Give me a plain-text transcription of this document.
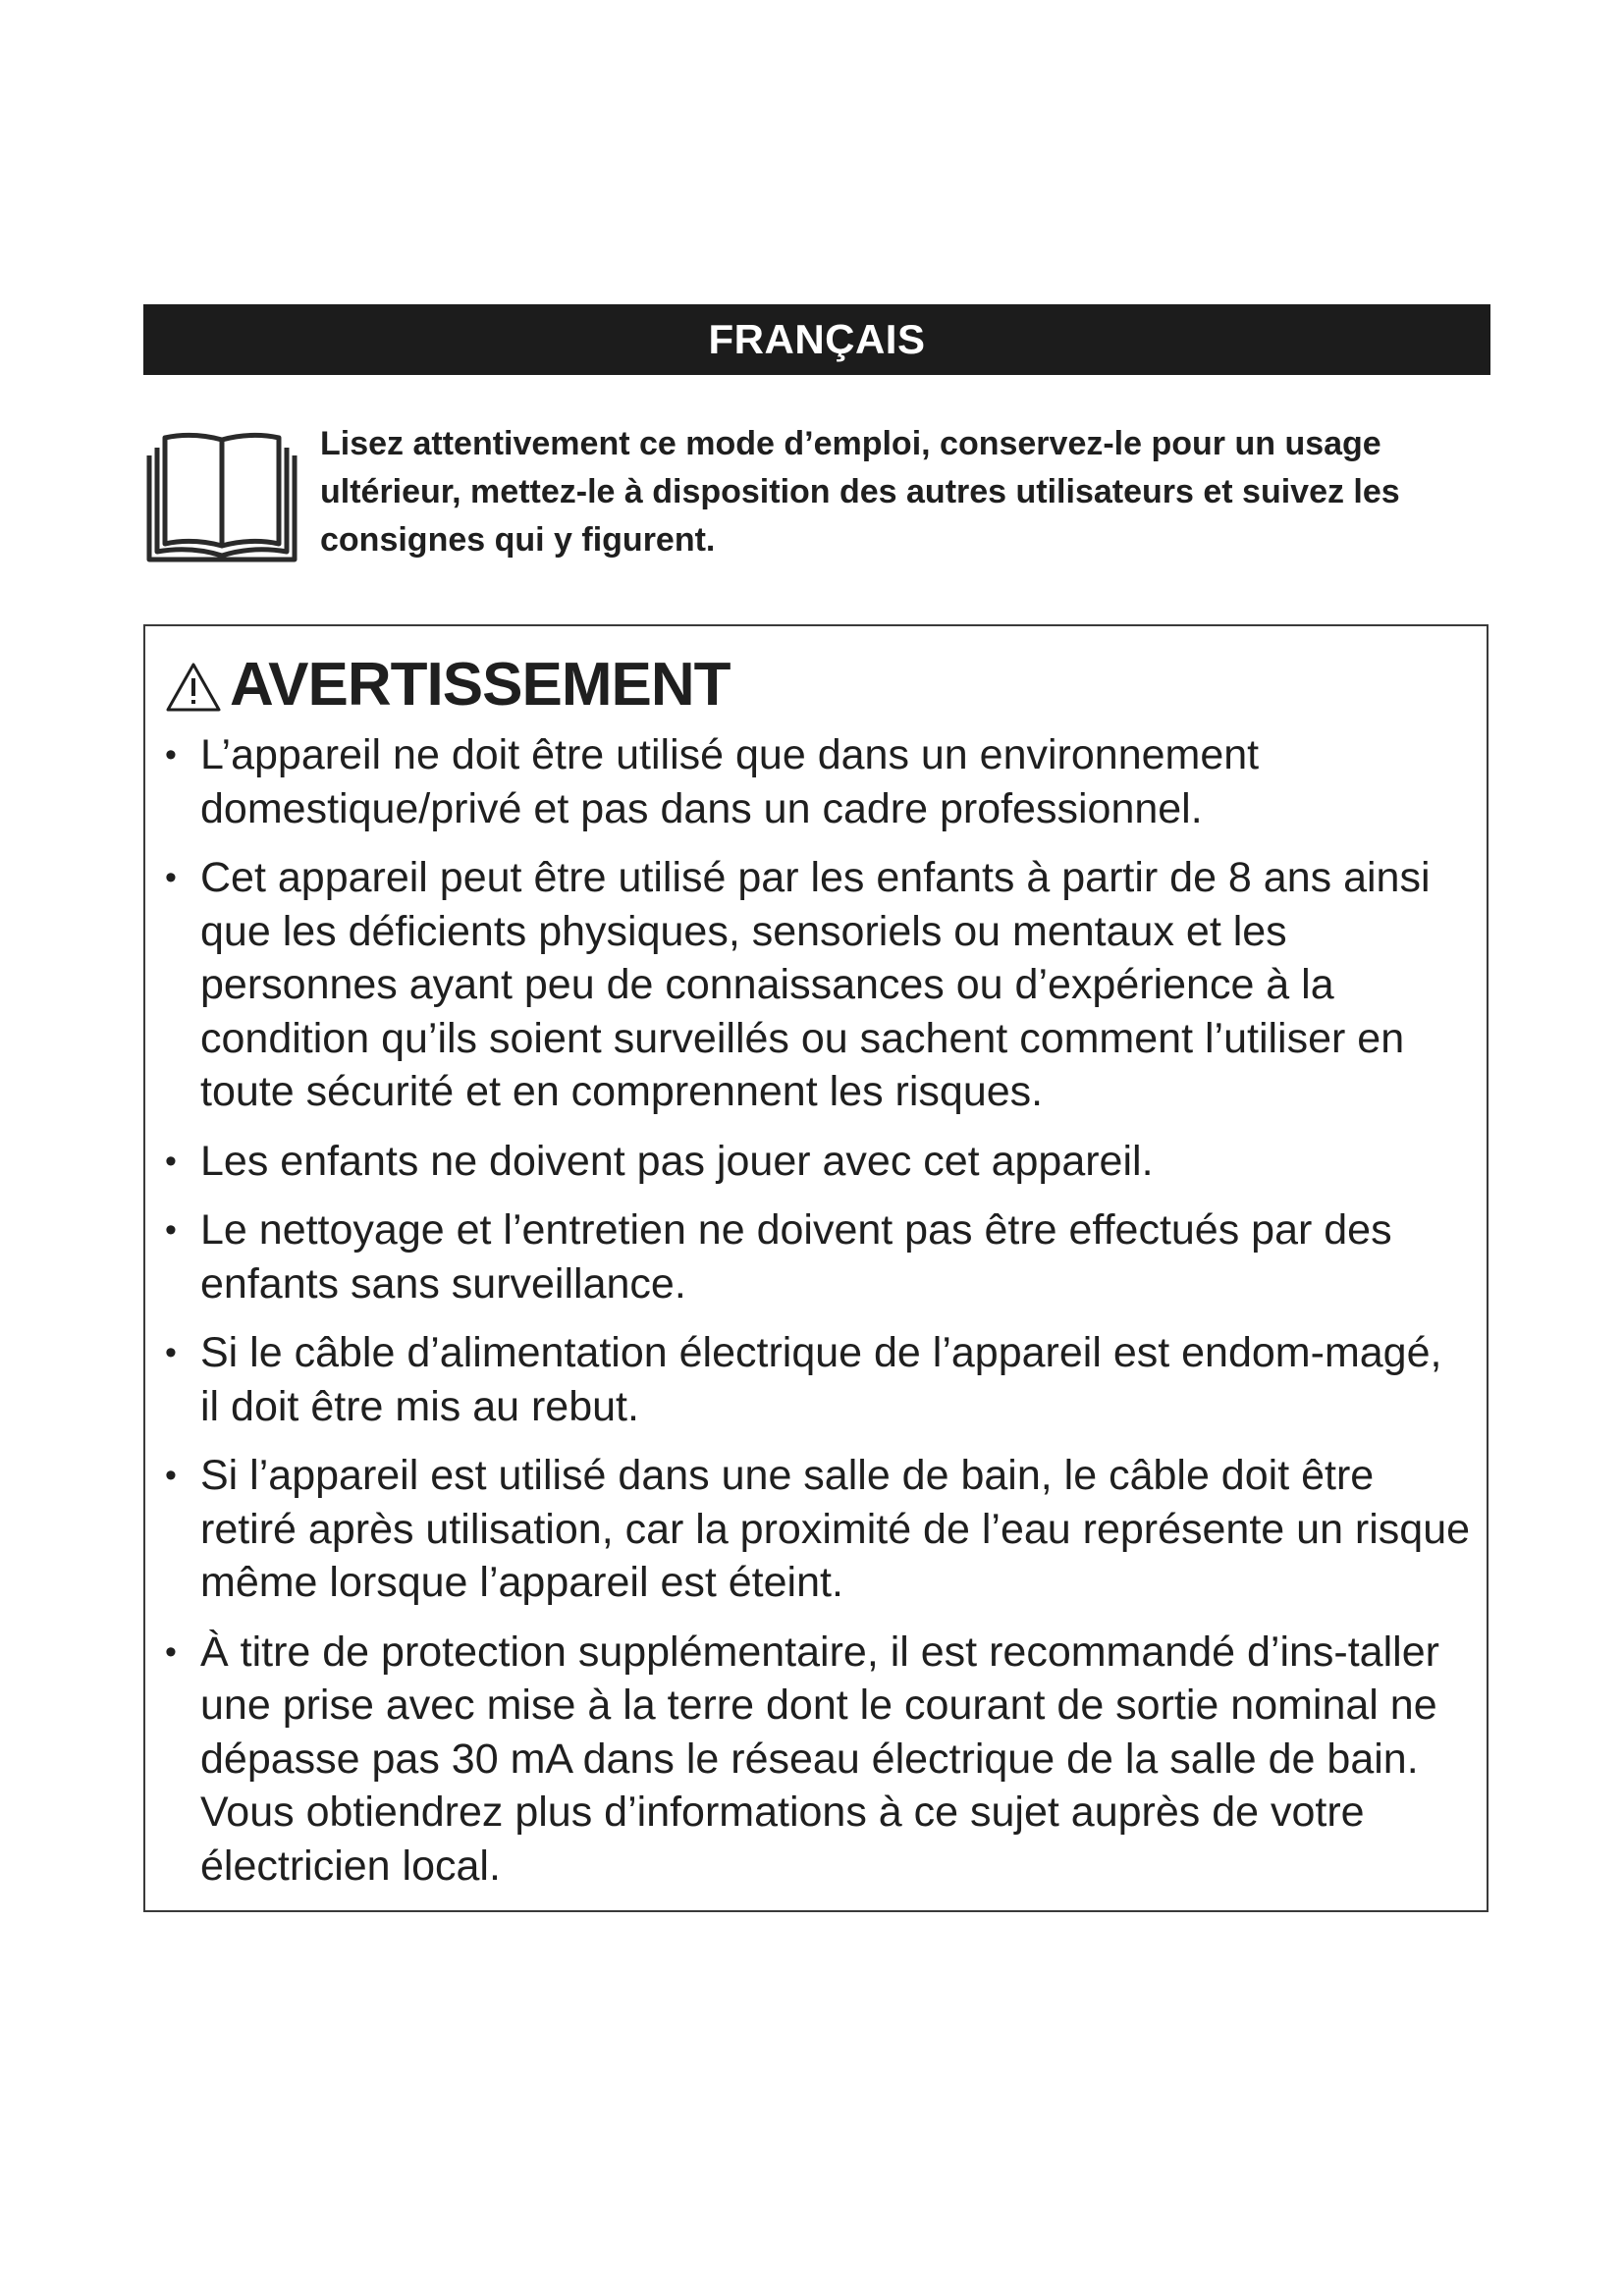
FRANÇAIS

Lisez attentivement ce mode d’emploi, conservez-le pour un usage ultérieur, mettez-le à disposition des autres utilisateurs et suivez les consignes qui y figurent.

AVERTISSEMENT
• L’appareil ne doit être utilisé que dans un environnement domestique/privé et pas dans un cadre professionnel.
• Cet appareil peut être utilisé par les enfants à partir de 8 ans ainsi que les déficients physiques, sensoriels ou mentaux et les personnes ayant peu de connaissances ou d’expérience à la condition qu’ils soient surveillés ou sachent comment l’utiliser en toute sécurité et en comprennent les risques.
• Les enfants ne doivent pas jouer avec cet appareil.
• Le nettoyage et l’entretien ne doivent pas être effectués par des enfants sans surveillance.
• Si le câble d’alimentation électrique de l’appareil est endom-magé, il doit être mis au rebut.
• Si l’appareil est utilisé dans une salle de bain, le câble doit être retiré après utilisation, car la proximité de l’eau représente un risque même lorsque l’appareil est éteint.
• À titre de protection supplémentaire, il est recommandé d’ins-taller une prise avec mise à la terre dont le courant de sortie nominal ne dépasse pas 30 mA dans le réseau électrique de la salle de bain. Vous obtiendrez plus d’informations à ce sujet auprès de votre électricien local.
